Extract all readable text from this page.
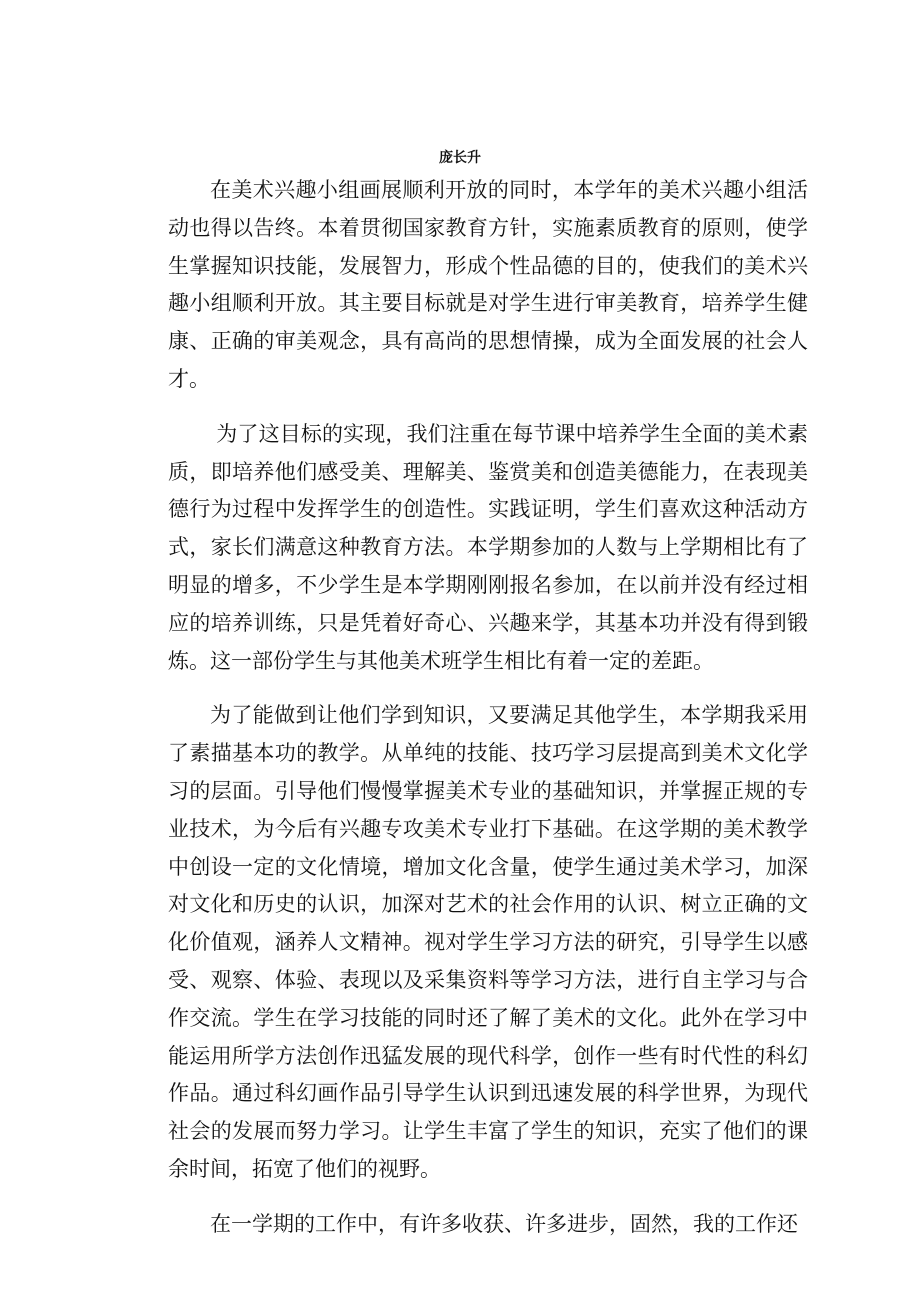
庞长升

在美术兴趣小组画展顺利开放的同时，本学年的美术兴趣小组活动也得以告终。本着贯彻国家教育方针，实施素质教育的原则，使学生掌握知识技能，发展智力，形成个性品德的目的，使我们的美术兴趣小组顺利开放。其主要目标就是对学生进行审美教育，培养学生健康、正确的审美观念，具有高尚的思想情操，成为全面发展的社会人才。

为了这目标的实现，我们注重在每节课中培养学生全面的美术素质，即培养他们感受美、理解美、鉴赏美和创造美德能力，在表现美德行为过程中发挥学生的创造性。实践证明，学生们喜欢这种活动方式，家长们满意这种教育方法。本学期参加的人数与上学期相比有了明显的增多，不少学生是本学期刚刚报名参加，在以前并没有经过相应的培养训练，只是凭着好奇心、兴趣来学，其基本功并没有得到锻炼。这一部份学生与其他美术班学生相比有着一定的差距。

为了能做到让他们学到知识，又要满足其他学生，本学期我采用了素描基本功的教学。从单纯的技能、技巧学习层提高到美术文化学习的层面。引导他们慢慢掌握美术专业的基础知识，并掌握正规的专业技术，为今后有兴趣专攻美术专业打下基础。在这学期的美术教学中创设一定的文化情境，增加文化含量，使学生通过美术学习，加深对文化和历史的认识，加深对艺术的社会作用的认识、树立正确的文化价值观，涵养人文精神。视对学生学习方法的研究，引导学生以感受、观察、体验、表现以及采集资料等学习方法，进行自主学习与合作交流。学生在学习技能的同时还了解了美术的文化。此外在学习中能运用所学方法创作迅猛发展的现代科学，创作一些有时代性的科幻作品。通过科幻画作品引导学生认识到迅速发展的科学世界，为现代社会的发展而努力学习。让学生丰富了学生的知识，充实了他们的课余时间，拓宽了他们的视野。

在一学期的工作中，有许多收获、许多进步，固然，我的工作还
